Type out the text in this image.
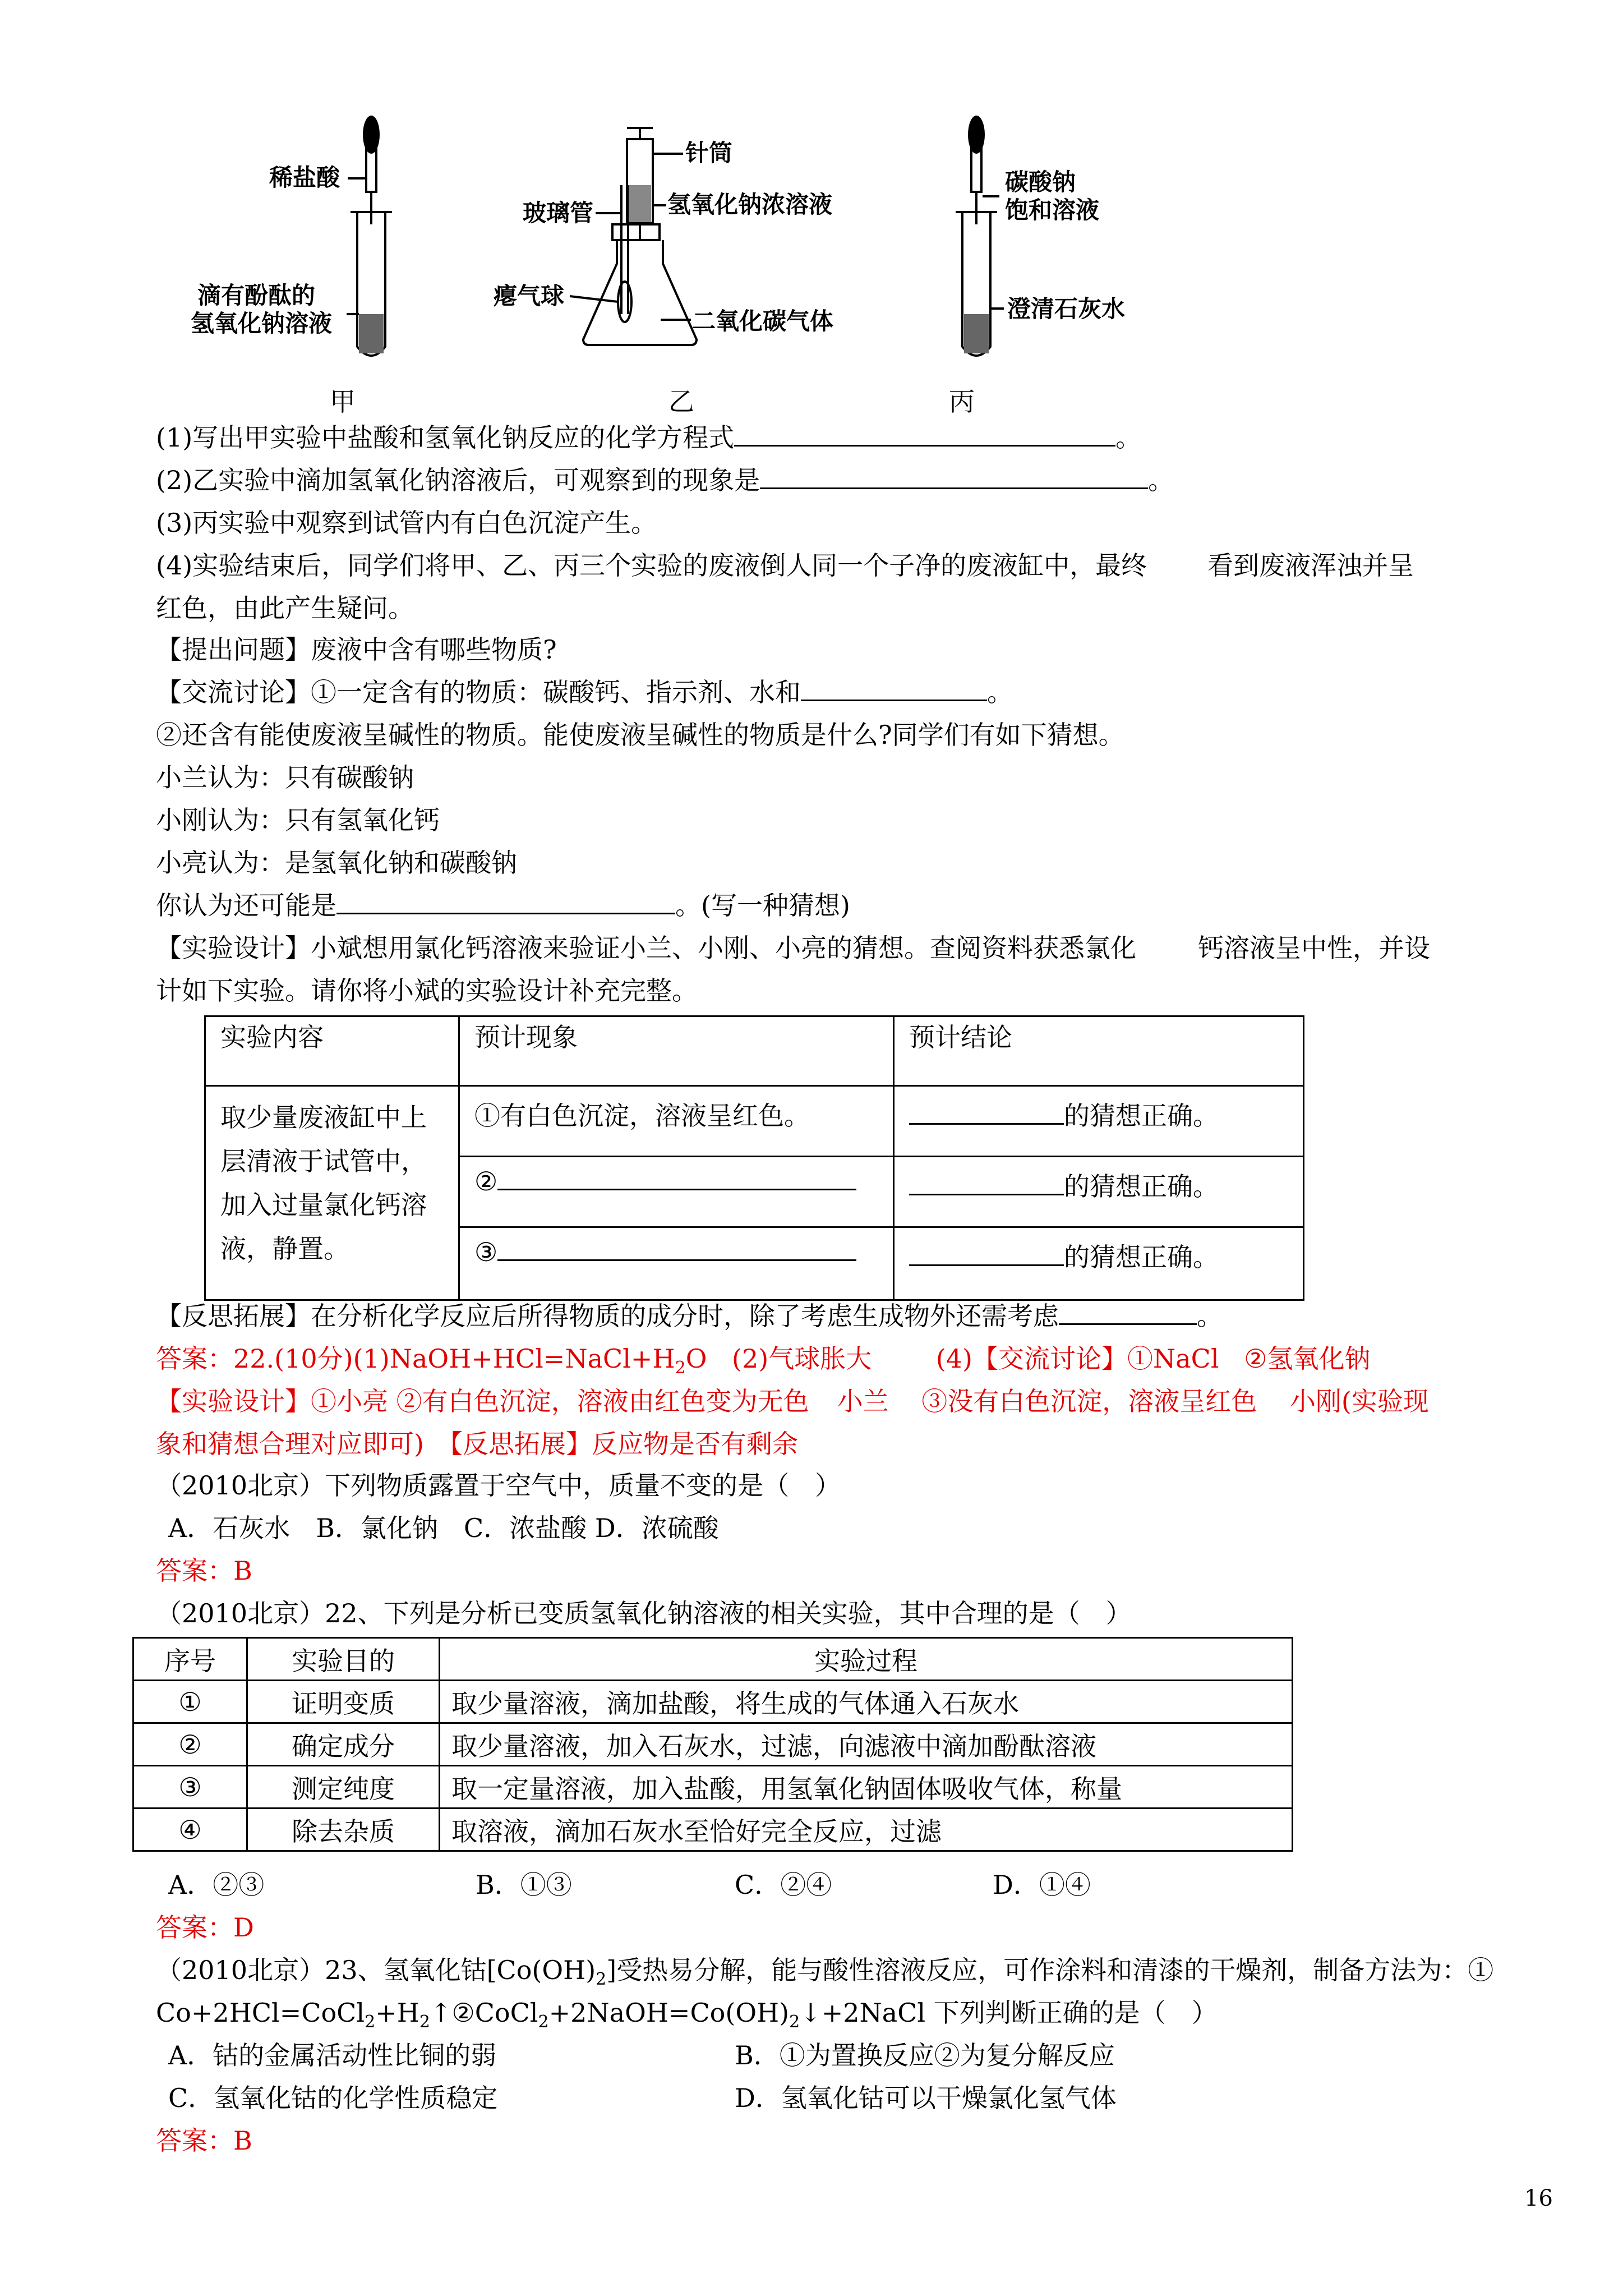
稀盐酸
滴有酚酞的
氢氧化钠溶液
甲
针筒
氢氧化钠浓溶液
玻璃管
瘪气球
二氧化碳气体
乙
碳酸钠
饱和溶液
澄清石灰水
丙
(1)写出甲实验中盐酸和氢氧化钠反应的化学方程式	。
(2)乙实验中滴加氢氧化钠溶液后，可观察到的现象是	。
(3)丙实验中观察到试管内有白色沉淀产生。
(4)实验结束后，同学们将甲、乙、丙三个实验的废液倒人同一个子净的废液缸中，最终 看到废液浑浊并呈
红色，由此产生疑问。
【提出问题】废液中含有哪些物质?
【交流讨论】①一定含有的物质：碳酸钙、指示剂、水和	。
②还含有能使废液呈碱性的物质。能使废液呈碱性的物质是什么?同学们有如下猜想。
小兰认为：只有碳酸钠
小刚认为：只有氢氧化钙
小亮认为：是氢氧化钠和碳酸钠
你认为还可能是	。(写一种猜想)
【实验设计】小斌想用氯化钙溶液来验证小兰、小刚、小亮的猜想。查阅资料获悉氯化 钙溶液呈中性，并设
计如下实验。请你将小斌的实验设计补充完整。
实验内容	预计现象	预计结论

取少量废液缸中上
层清液于试管中，
加入过量氯化钙溶
液，静置。	①有白色沉淀，溶液呈红色。	的猜想正确。
	②	的猜想正确。
	③	的猜想正确。
【反思拓展】在分析化学反应后所得物质的成分时，除了考虑生成物外还需考虑	。
答案：22.(10分)$(1)NaOH+HCl=NaCl+H_2O$ (2)气球胀大 (4)【交流讨论】①NaCl ②氢氧化钠
【实验设计】①小亮 ②有白色沉淀，溶液由红色变为无色 小兰 ③没有白色沉淀，溶液呈红色 小刚(实验现
象和猜想合理对应即可)　【反思拓展】反应物是否有剩余
（2010北京）下列物质露置于空气中，质量不变的是（　）
A．石灰水　B．氯化钠　C．浓盐酸 D．浓硫酸
答案：B
（2010北京）22、下列是分析已变质氢氧化钠溶液的相关实验，其中合理的是（　）
序号	实验目的	实验过程
①	证明变质	取少量溶液，滴加盐酸，将生成的气体通入石灰水
②	确定成分	取少量溶液，加入石灰水，过滤，向滤液中滴加酚酞溶液
③	测定纯度	取一定量溶液，加入盐酸，用氢氧化钠固体吸收气体，称量
④	除去杂质	取溶液，滴加石灰水至恰好完全反应，过滤
A．②③	B．①③	C．②④	D．①④
答案：D
（2010北京）23、氢氧化钴$[Co(OH)_2]$受热易分解，能与酸性溶液反应，可作涂料和清漆的干燥剂，制备方法为：①
$Co+2HCl=CoCl_2+H_2↑②CoCl_2+2NaOH=Co(OH)_2↓+2NaCl$ 下列判断正确的是（　）
A．钴的金属活动性比铜的弱	B．①为置换反应②为复分解反应
C．氢氧化钴的化学性质稳定	D．氢氧化钴可以干燥氯化氢气体
答案：B
16
